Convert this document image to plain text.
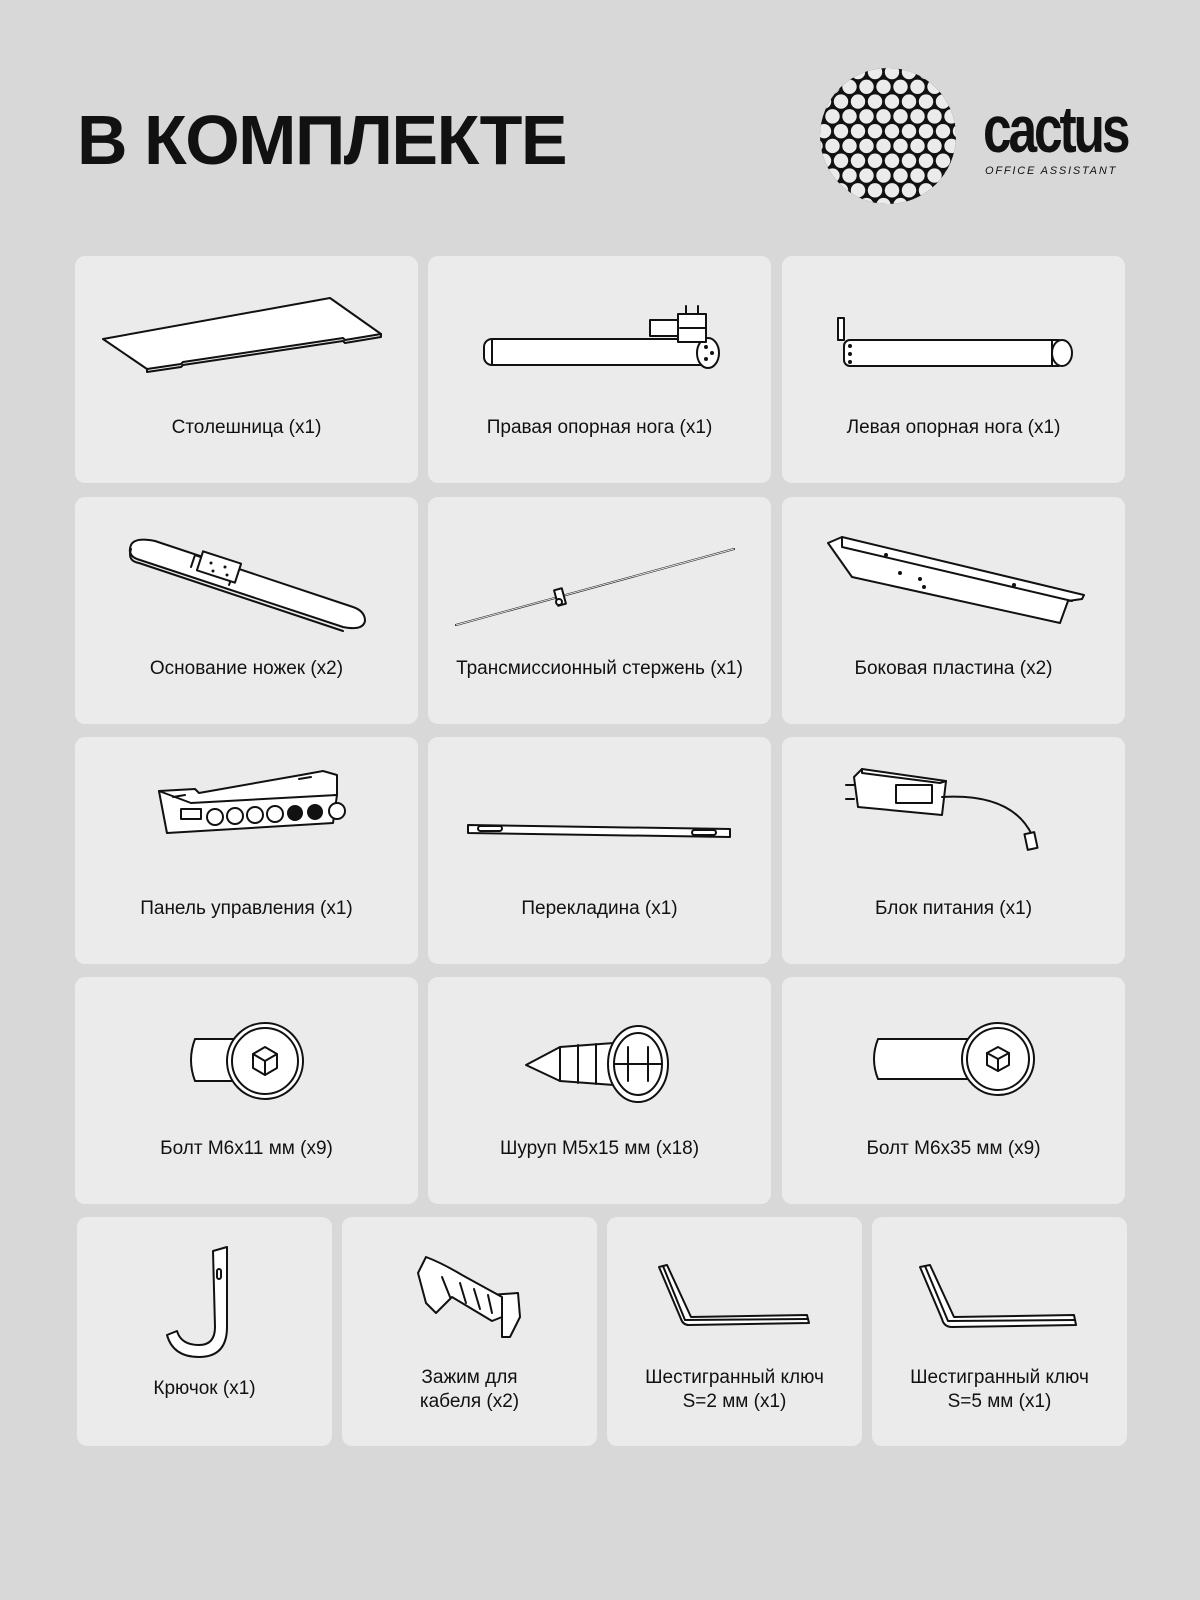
В КОМПЛЕКТЕ	cactus
OFFICE ASSISTANT
Столешница (x1)	Правая опорная нога (x1)	Левая опорная нога (x1)
Основание ножек (x2)	Трансмиссионный стержень (x1)	Боковая пластина (x2)
Панель управления (x1)	Перекладина (x1)	Блок питания (x1)
Болт М6х11 мм (x9)	Шуруп М5х15 мм (x18)	Болт М6х35 мм (x9)
Крючок (x1)
Зажим для
кабеля (x2)
Шестигранный ключ
S=2 мм (x1)
Шестигранный ключ
S=5 мм (x1)
